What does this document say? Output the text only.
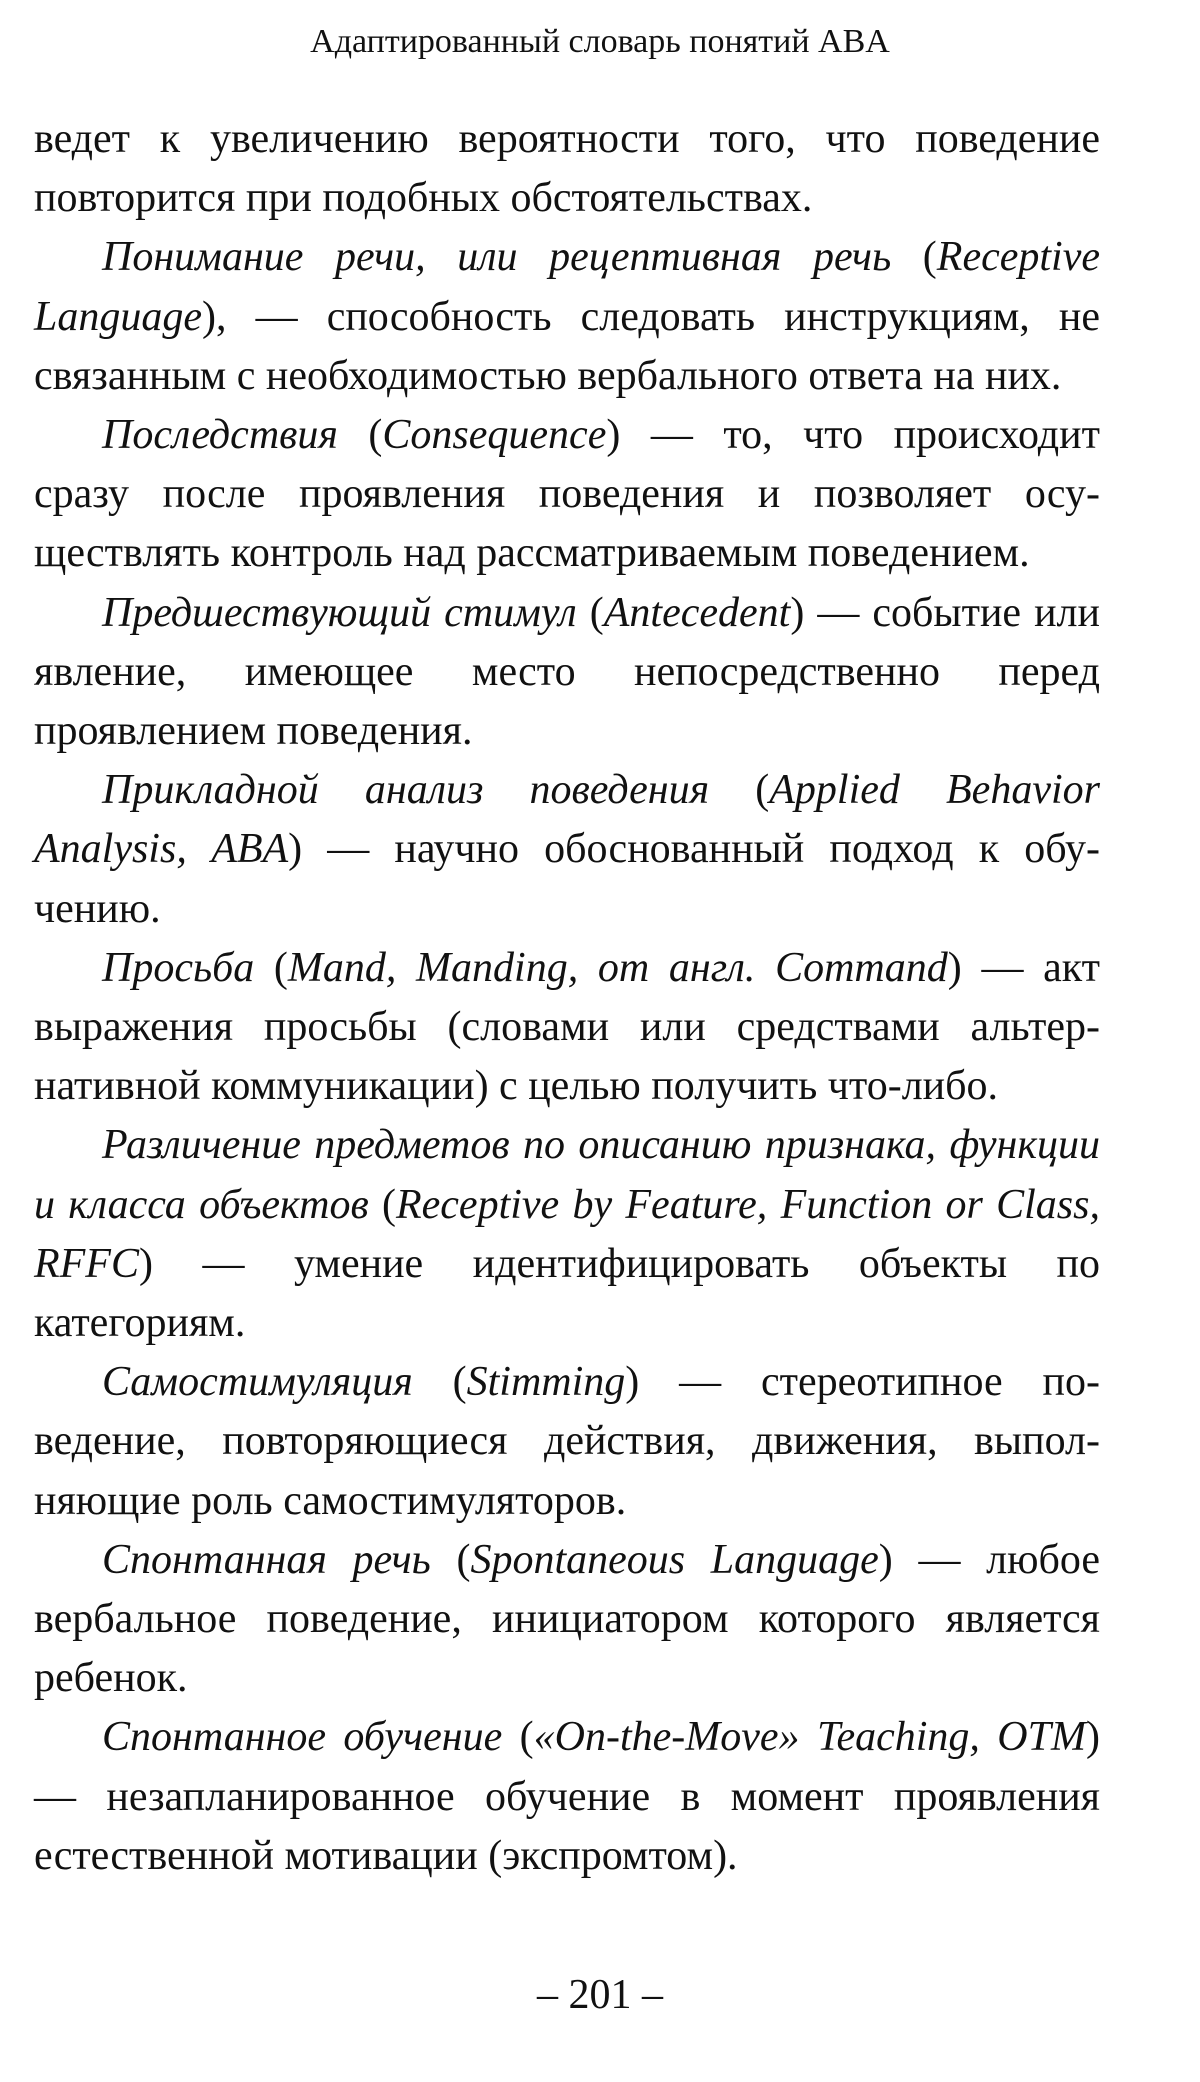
Адаптированный словарь понятий ABA

ведет к увеличению вероятности того, что поведение повторится при подобных обстоятельствах.

Понимание речи, или рецептивная речь (Receptive Language), — способность следовать инструкциям, не связанным с необходимостью вербального ответа на них.

Последствия (Consequence) — то, что происходит сразу после проявления поведения и позволяет осуществлять контроль над рассматриваемым поведением.

Предшествующий стимул (Antecedent) — событие или явление, имеющее место непосредственно перед проявлением поведения.

Прикладной анализ поведения (Applied Behavior Analysis, ABA) — научно обоснованный подход к обучению.

Просьба (Mand, Manding, от англ. Command) — акт выражения просьбы (словами или средствами альтернативной коммуникации) с целью получить что-либо.

Различение предметов по описанию признака, функции и класса объектов (Receptive by Feature, Function or Class, RFFC) — умение идентифицировать объекты по категориям.

Самостимуляция (Stimming) — стереотипное поведение, повторяющиеся действия, движения, выполняющие роль самостимуляторов.

Спонтанная речь (Spontaneous Language) — любое вербальное поведение, инициатором которого является ребенок.

Спонтанное обучение («On-the-Move» Teaching, OTM) — незапланированное обучение в момент проявления естественной мотивации (экспромтом).

– 201 –
